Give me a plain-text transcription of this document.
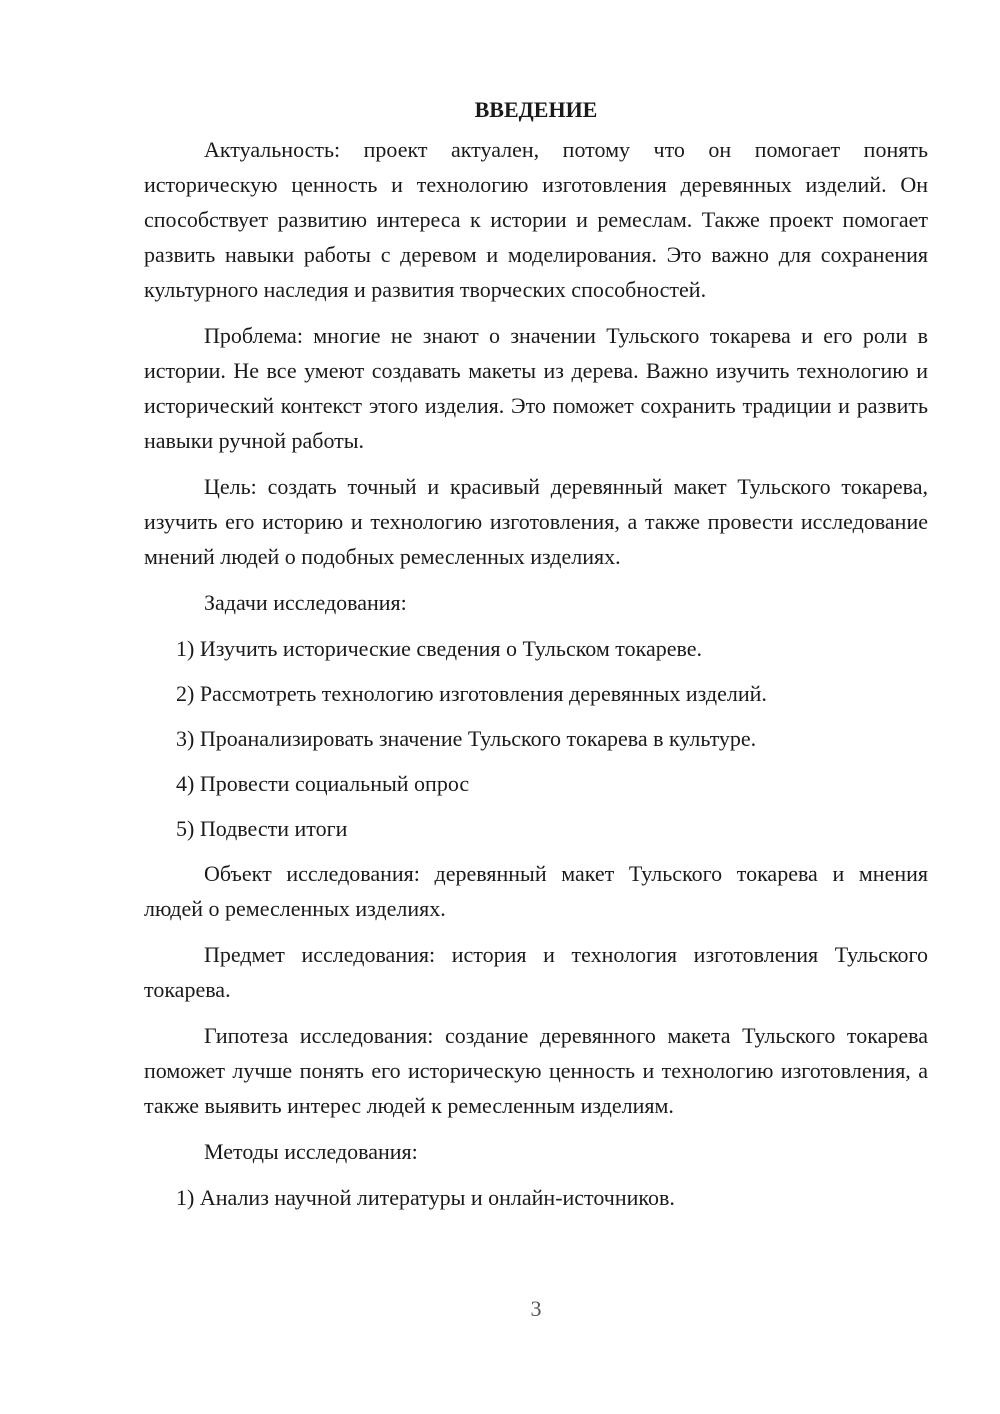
ВВЕДЕНИЕ

Актуальность: проект актуален, потому что он помогает понять историческую ценность и технологию изготовления деревянных изделий. Он способствует развитию интереса к истории и ремеслам. Также проект помогает развить навыки работы с деревом и моделирования. Это важно для сохранения культурного наследия и развития творческих способностей.

Проблема: многие не знают о значении Тульского токарева и его роли в истории. Не все умеют создавать макеты из дерева. Важно изучить технологию и исторический контекст этого изделия. Это поможет сохранить традиции и развить навыки ручной работы.

Цель: создать точный и красивый деревянный макет Тульского токарева, изучить его историю и технологию изготовления, а также провести исследование мнений людей о подобных ремесленных изделиях.

Задачи исследования:

1) Изучить исторические сведения о Тульском токареве.
2) Рассмотреть технологию изготовления деревянных изделий.
3) Проанализировать значение Тульского токарева в культуре.
4) Провести социальный опрос
5) Подвести итоги

Объект исследования: деревянный макет Тульского токарева и мнения людей о ремесленных изделиях.

Предмет исследования: история и технология изготовления Тульского токарева.

Гипотеза исследования: создание деревянного макета Тульского токарева поможет лучше понять его историческую ценность и технологию изготовления, а также выявить интерес людей к ремесленным изделиям.

Методы исследования:

1) Анализ научной литературы и онлайн-источников.
3
